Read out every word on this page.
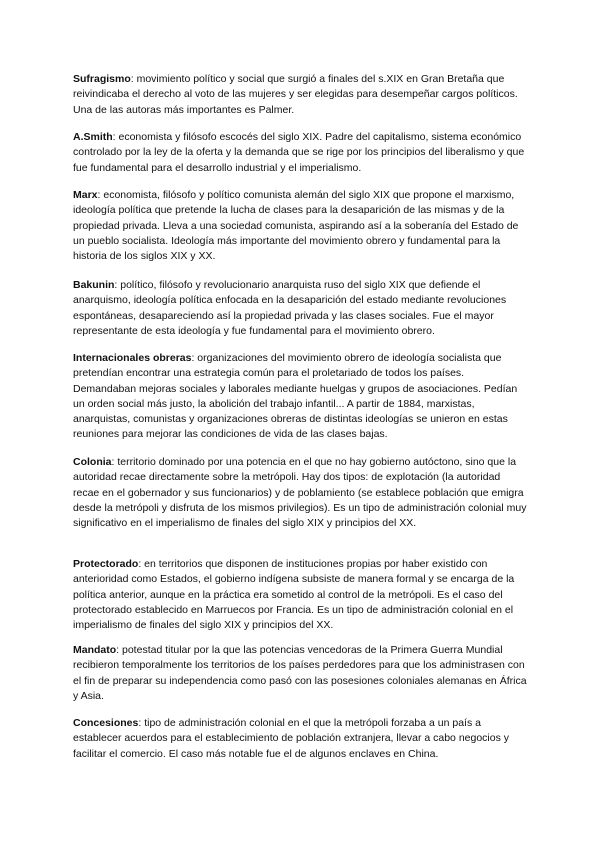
Sufragismo: movimiento político y social que surgió a finales del s.XIX en Gran Bretaña que reivindicaba el derecho al voto de las mujeres y ser elegidas para desempeñar cargos políticos. Una de las autoras más importantes es Palmer.

A.Smith: economista y filósofo escocés del siglo XIX. Padre del capitalismo, sistema económico controlado por la ley de la oferta y la demanda que se rige por los principios del liberalismo y que fue fundamental para el desarrollo industrial y el imperialismo.

Marx: economista, filósofo y político comunista alemán del siglo XIX que propone el marxismo, ideología política que pretende la lucha de clases para la desaparición de las mismas y de la propiedad privada. Lleva a una sociedad comunista, aspirando así a la soberanía del Estado de un pueblo socialista. Ideología más importante del movimiento obrero y fundamental para la historia de los siglos XIX y XX.

Bakunin: político, filósofo y revolucionario anarquista ruso del siglo XIX que defiende el anarquismo, ideología política enfocada en la desaparición del estado mediante revoluciones espontáneas, desapareciendo así la propiedad privada y las clases sociales. Fue el mayor representante de esta ideología y fue fundamental para el movimiento obrero.

Internacionales obreras: organizaciones del movimiento obrero de ideología socialista que pretendían encontrar una estrategia común para el proletariado de todos los países. Demandaban mejoras sociales y laborales mediante huelgas y grupos de asociaciones. Pedían un orden social más justo, la abolición del trabajo infantil... A partir de 1884, marxistas, anarquistas, comunistas y organizaciones obreras de distintas ideologías se unieron en estas reuniones para mejorar las condiciones de vida de las clases bajas.

Colonia: territorio dominado por una potencia en el que no hay gobierno autóctono, sino que la autoridad recae directamente sobre la metrópoli. Hay dos tipos: de explotación (la autoridad recae en el gobernador y sus funcionarios) y de poblamiento (se establece población que emigra desde la metrópoli y disfruta de los mismos privilegios). Es un tipo de administración colonial muy significativo en el imperialismo de finales del siglo XIX y principios del XX.

Protectorado: en territorios que disponen de instituciones propias por haber existido con anterioridad como Estados, el gobierno indígena subsiste de manera formal y se encarga de la política anterior, aunque en la práctica era sometido al control de la metrópoli. Es el caso del protectorado establecido en Marruecos por Francia. Es un tipo de administración colonial en el imperialismo de finales del siglo XIX y principios del XX.

Mandato: potestad titular por la que las potencias vencedoras de la Primera Guerra Mundial recibieron temporalmente los territorios de los países perdedores para que los administrasen con el fin de preparar su independencia como pasó con las posesiones coloniales alemanas en África y Asia.

Concesiones: tipo de administración colonial en el que la metrópoli forzaba a un país a establecer acuerdos para el establecimiento de población extranjera, llevar a cabo negocios y facilitar el comercio. El caso más notable fue el de algunos enclaves en China.
